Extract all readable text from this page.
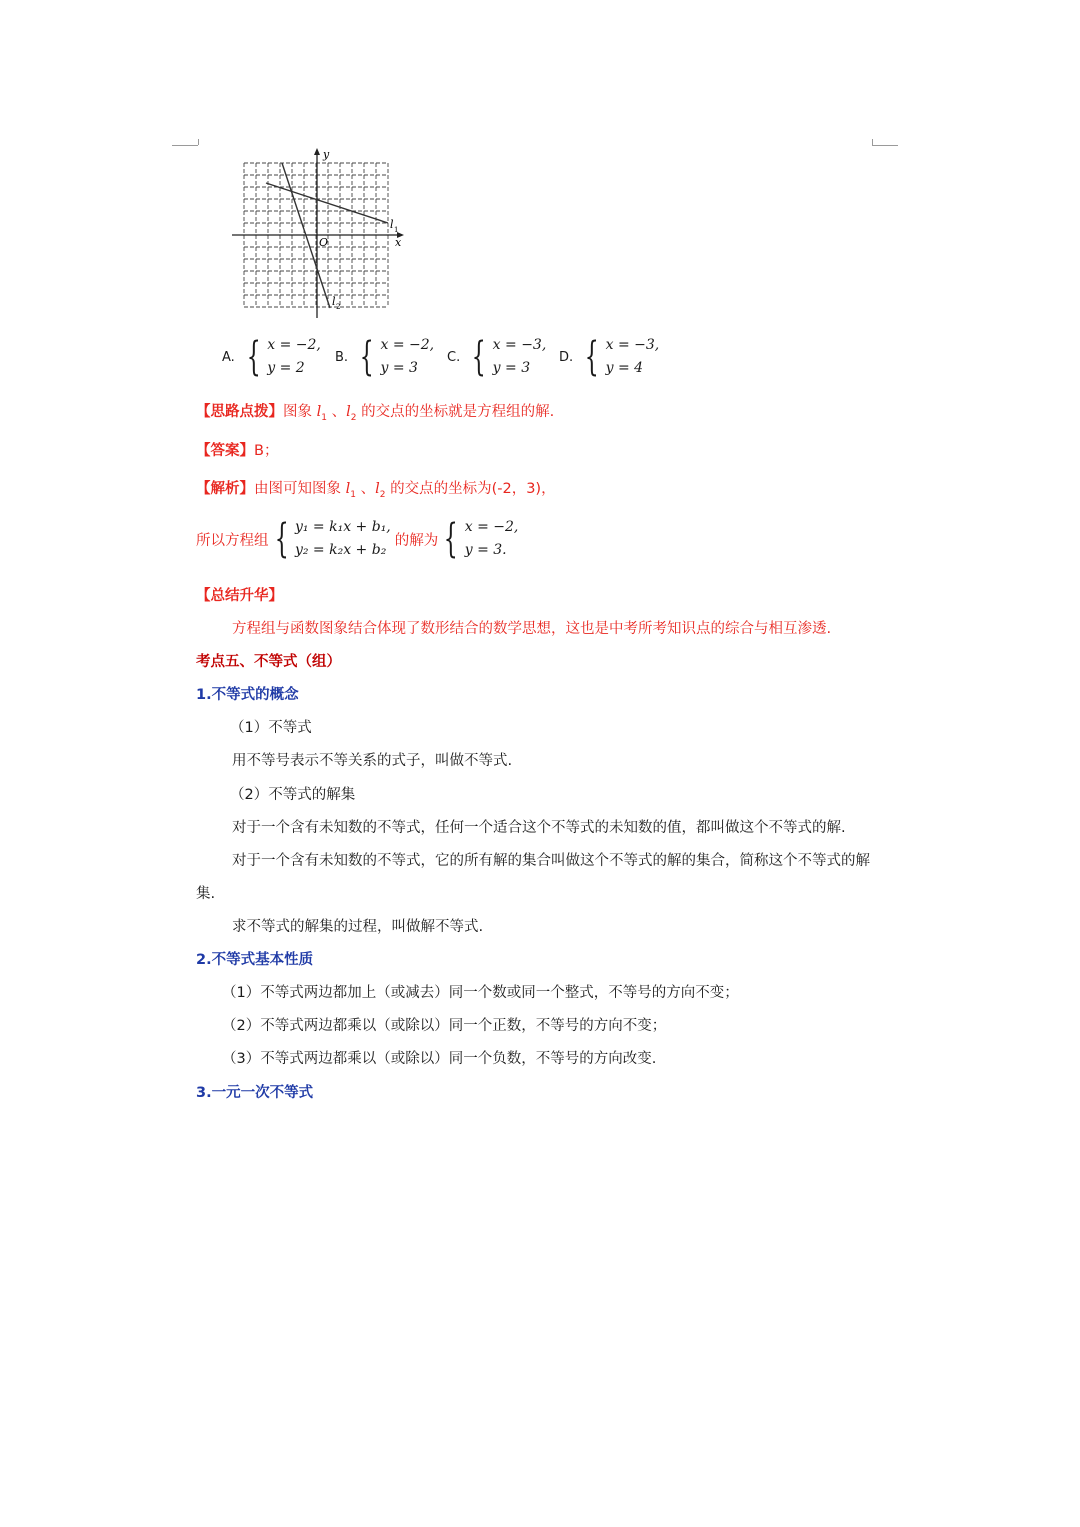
y
x
O
l 1
l 2
A. { x = −2,
y = 2
B. { x = −2,
y = 3
C. { x = −3,
y = 3
D. { x = −3,
y = 4
【思路点拨】图象 $l_1$ 、$l_2$ 的交点的坐标就是方程组的解.
【答案】B；
【解析】由图可知图象 $l_1$ 、$l_2$ 的交点的坐标为(-2，3)，
所以方程组 { y₁ = k₁x + b₁,
y₂ = k₂x + b₂
的解为 { x = −2,
y = 3.
【总结升华】
方程组与函数图象结合体现了数形结合的数学思想，这也是中考所考知识点的综合与相互渗透.
考点五、不等式（组）
1.不等式的概念
（1）不等式
用不等号表示不等关系的式子，叫做不等式.
（2）不等式的解集
对于一个含有未知数的不等式，任何一个适合这个不等式的未知数的值，都叫做这个不等式的解.
对于一个含有未知数的不等式，它的所有解的集合叫做这个不等式的解的集合，简称这个不等式的解
集.
求不等式的解集的过程，叫做解不等式.
2.不等式基本性质
（1）不等式两边都加上（或减去）同一个数或同一个整式，不等号的方向不变；
（2）不等式两边都乘以（或除以）同一个正数，不等号的方向不变；
（3）不等式两边都乘以（或除以）同一个负数，不等号的方向改变.
3.一元一次不等式
